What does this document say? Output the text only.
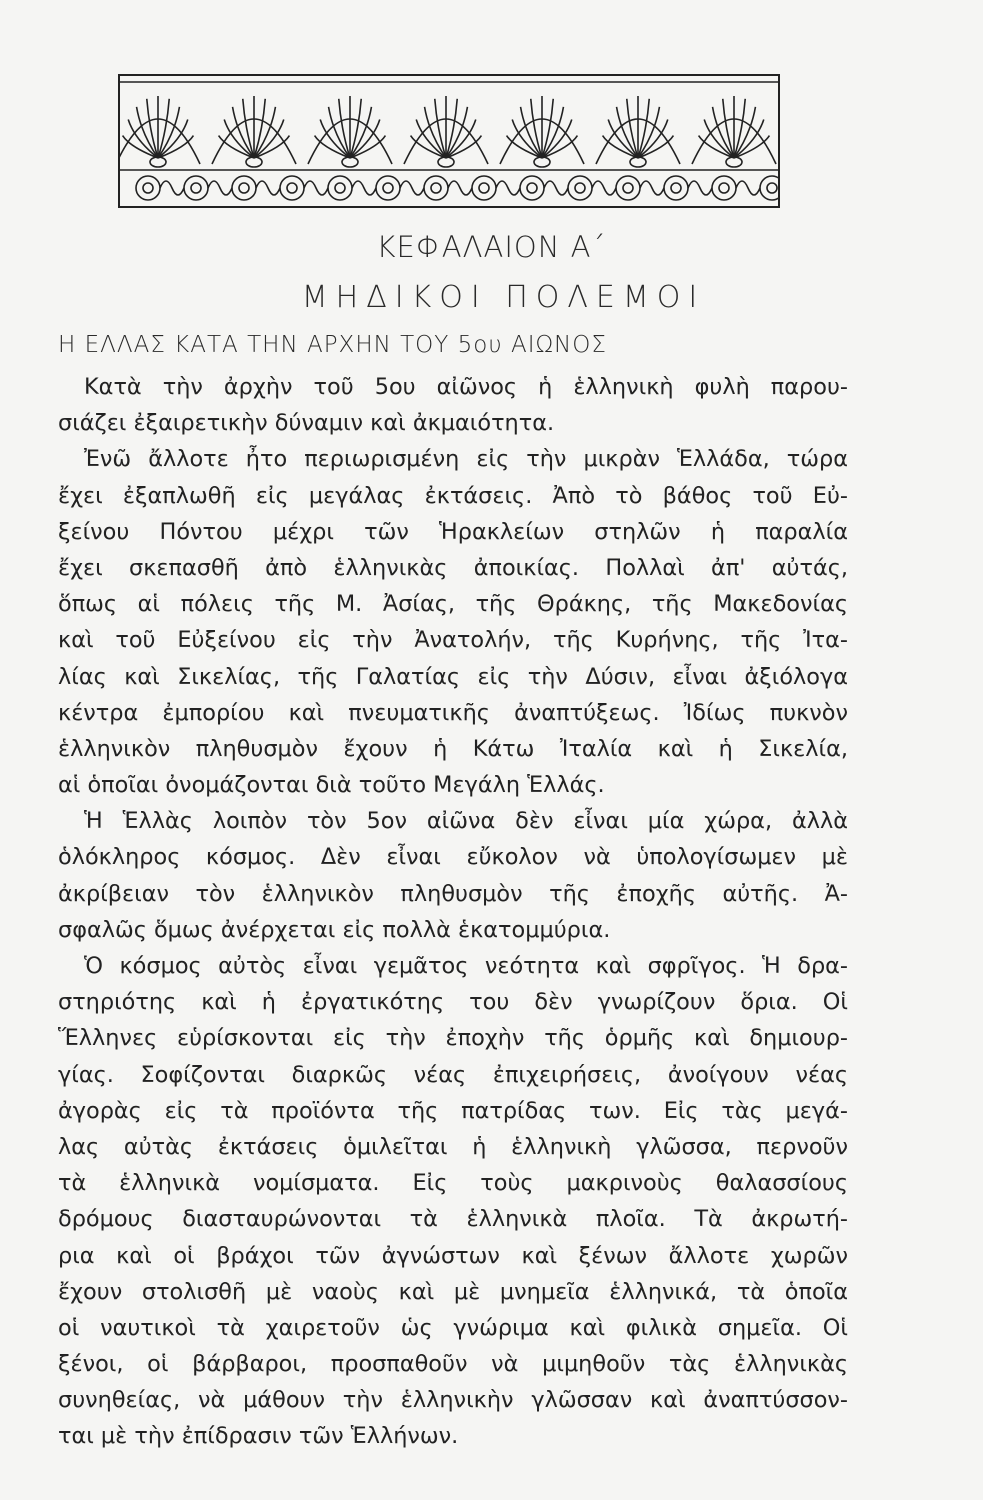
ΚΕΦΑΛΑΙΟΝ Α΄
ΜΗΔΙΚΟΙ ΠΟΛΕΜΟΙ
Η ΕΛΛΑΣ ΚΑΤΑ ΤΗΝ ΑΡΧΗΝ ΤΟΥ 5ου ΑΙΩΝΟΣ
Κατὰ τὴν ἀρχὴν τοῦ 5ου αἰῶνος ἡ ἑλληνικὴ φυλὴ παρου-
σιάζει ἐξαιρετικὴν δύναμιν καὶ ἀκμαιότητα.
Ἐνῶ ἄλλοτε ἦτο περιωρισμένη εἰς τὴν μικρὰν Ἑλλάδα, τώρα
ἔχει ἐξαπλωθῆ εἰς μεγάλας ἐκτάσεις. Ἀπὸ τὸ βάθος τοῦ Εὐ-
ξείνου Πόντου μέχρι τῶν Ἡρακλείων στηλῶν ἡ παραλία
ἔχει σκεπασθῆ ἀπὸ ἑλληνικὰς ἀποικίας. Πολλαὶ ἀπ' αὐτάς,
ὅπως αἱ πόλεις τῆς Μ. Ἀσίας, τῆς Θράκης, τῆς Μακεδονίας
καὶ τοῦ Εὐξείνου εἰς τὴν Ἀνατολήν, τῆς Κυρήνης, τῆς Ἰτα-
λίας καὶ Σικελίας, τῆς Γαλατίας εἰς τὴν Δύσιν, εἶναι ἀξιόλογα
κέντρα ἐμπορίου καὶ πνευματικῆς ἀναπτύξεως. Ἰδίως πυκνὸν
ἑλληνικὸν πληθυσμὸν ἔχουν ἡ Κάτω Ἰταλία καὶ ἡ Σικελία,
αἱ ὁποῖαι ὀνομάζονται διὰ τοῦτο Μεγάλη Ἑλλάς.
Ἡ Ἑλλὰς λοιπὸν τὸν 5ον αἰῶνα δὲν εἶναι μία χώρα, ἀλλὰ
ὁλόκληρος κόσμος. Δὲν εἶναι εὔκολον νὰ ὑπολογίσωμεν μὲ
ἀκρίβειαν τὸν ἑλληνικὸν πληθυσμὸν τῆς ἐποχῆς αὐτῆς. Ἀ-
σφαλῶς ὅμως ἀνέρχεται εἰς πολλὰ ἑκατομμύρια.
Ὁ κόσμος αὐτὸς εἶναι γεμᾶτος νεότητα καὶ σφρῖγος. Ἡ δρα-
στηριότης καὶ ἡ ἐργατικότης του δὲν γνωρίζουν ὅρια. Οἱ
Ἕλληνες εὑρίσκονται εἰς τὴν ἐποχὴν τῆς ὁρμῆς καὶ δημιουρ-
γίας. Σοφίζονται διαρκῶς νέας ἐπιχειρήσεις, ἀνοίγουν νέας
ἀγορὰς εἰς τὰ προϊόντα τῆς πατρίδας των. Εἰς τὰς μεγά-
λας αὐτὰς ἐκτάσεις ὁμιλεῖται ἡ ἑλληνικὴ γλῶσσα, περνοῦν
τὰ ἑλληνικὰ νομίσματα. Εἰς τοὺς μακρινοὺς θαλασσίους
δρόμους διασταυρώνονται τὰ ἑλληνικὰ πλοῖα. Τὰ ἀκρωτή-
ρια καὶ οἱ βράχοι τῶν ἀγνώστων καὶ ξένων ἄλλοτε χωρῶν
ἔχουν στολισθῆ μὲ ναοὺς καὶ μὲ μνημεῖα ἑλληνικά, τὰ ὁποῖα
οἱ ναυτικοὶ τὰ χαιρετοῦν ὡς γνώριμα καὶ φιλικὰ σημεῖα. Οἱ
ξένοι, οἱ βάρβαροι, προσπαθοῦν νὰ μιμηθοῦν τὰς ἑλληνικὰς
συνηθείας, νὰ μάθουν τὴν ἑλληνικὴν γλῶσσαν καὶ ἀναπτύσσον-
ται μὲ τὴν ἐπίδρασιν τῶν Ἑλλήνων.
